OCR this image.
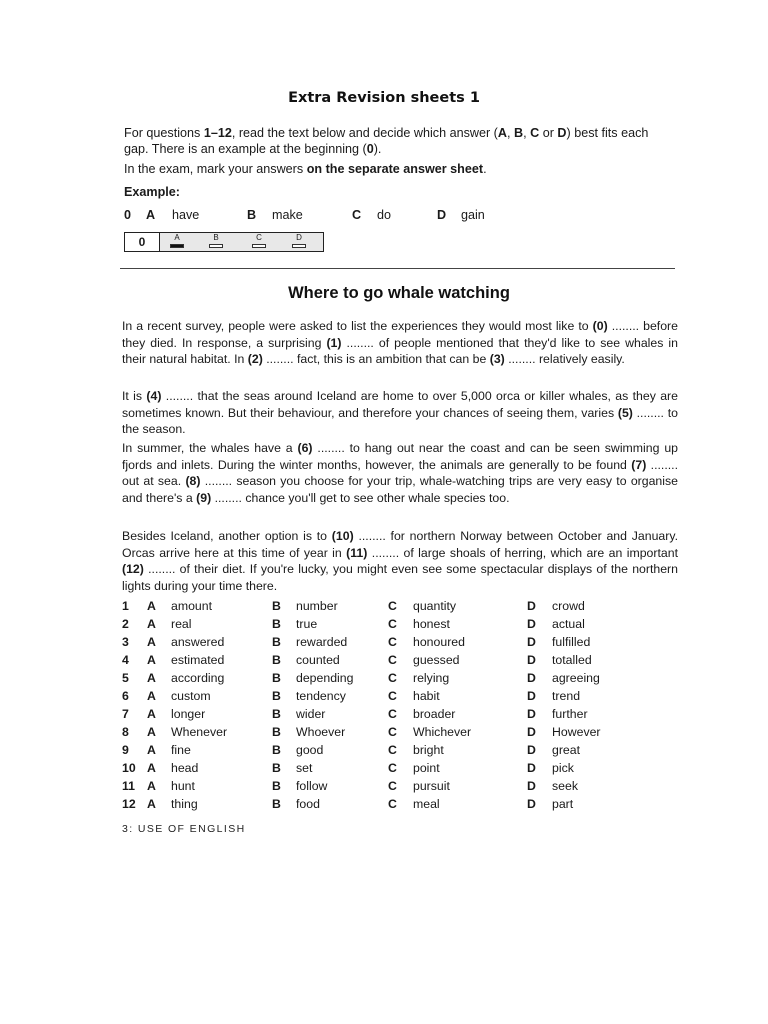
Extra Revision sheets 1
For questions 1–12, read the text below and decide which answer (A, B, C or D) best fits each gap. There is an example at the beginning (0).
In the exam, mark your answers on the separate answer sheet.
Example:
0 A have	B make	C do	D gain
0	A	B	C	D
Where to go whale watching

In a recent survey, people were asked to list the experiences they would most like to (0) ........ before they died. In response, a surprising (1) ........ of people mentioned that they'd like to see whales in their natural habitat. In (2) ........ fact, this is an ambition that can be (3) ........ relatively easily.

It is (4) ........ that the seas around Iceland are home to over 5,000 orca or killer whales, as they are sometimes known. But their behaviour, and therefore your chances of seeing them, varies (5) ........ to the season.

In summer, the whales have a (6) ........ to hang out near the coast and can be seen swimming up fjords and inlets. During the winter months, however, the animals are generally to be found (7) ........ out at sea. (8) ........ season you choose for your trip, whale-watching trips are very easy to organise and there's a (9) ........ chance you'll get to see other whale species too.

Besides Iceland, another option is to (10) ........ for northern Norway between October and January. Orcas arrive here at this time of year in (11) ........ of large shoals of herring, which are an important (12) ........ of their diet. If you're lucky, you might even see some spectacular displays of the northern lights during your time there.

1 A amount	B number	C quantity	D crowd
2 A real	B true	C honest	D actual
3 A answered	B rewarded	C honoured	D fulfilled
4 A estimated	B counted	C guessed	D totalled
5 A according	B depending	C relying	D agreeing
6 A custom	B tendency	C habit	D trend
7 A longer	B wider	C broader	D further
8 A Whenever	B Whoever	C Whichever	D However
9 A fine	B good	C bright	D great
10 A head	B set	C point	D pick
11 A hunt	B follow	C pursuit	D seek
12 A thing	B food	C meal	D part
3: USE OF ENGLISH
